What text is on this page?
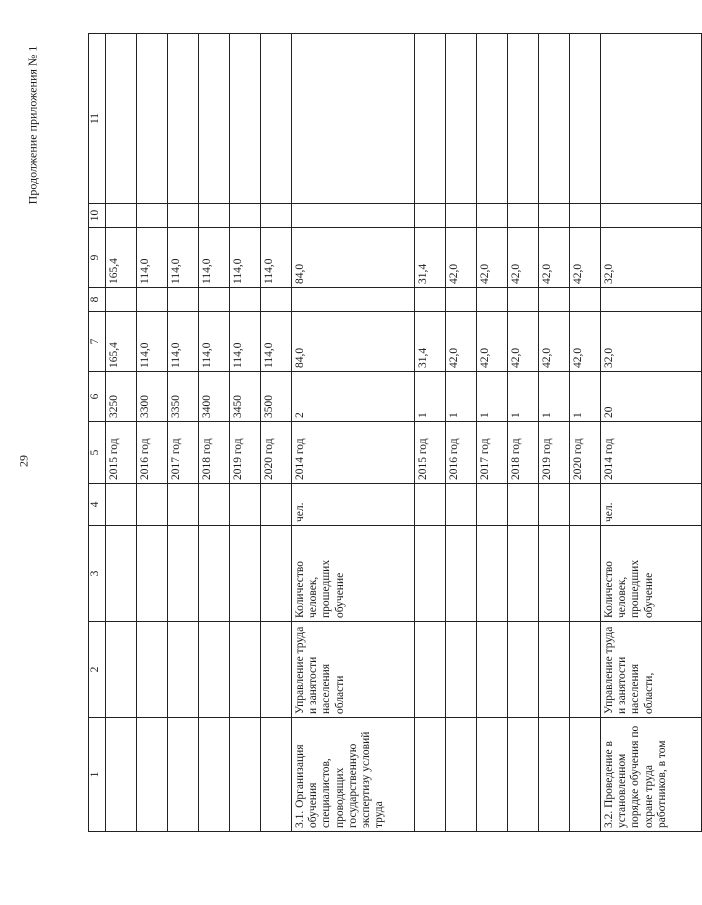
29
Продолжение приложения № 1
1	2	3	4	5	6	7	8	9	10	11
				2015 год	3250	165,4		165,4		
				2016 год	3300	114,0		114,0		
				2017 год	3350	114,0		114,0		
				2018 год	3400	114,0		114,0		
				2019 год	3450	114,0		114,0		
				2020 год	3500	114,0		114,0		
3.1. Организация обучения специалистов, проводящих государственную экспертизу условий труда	Управление труда и занятости населения области	Количество человек, прошедших обучение	чел.	2014 год	2	84,0		84,0		
				2015 год	1	31,4		31,4		
				2016 год	1	42,0		42,0		
				2017 год	1	42,0		42,0		
				2018 год	1	42,0		42,0		
				2019 год	1	42,0		42,0		
				2020 год	1	42,0		42,0		
3.2. Проведение в установленном порядке обучения по охране труда работников, в том	Управление труда и занятости населения области,	Количество человек, прошедших обучение	чел.	2014 год	20	32,0		32,0		
